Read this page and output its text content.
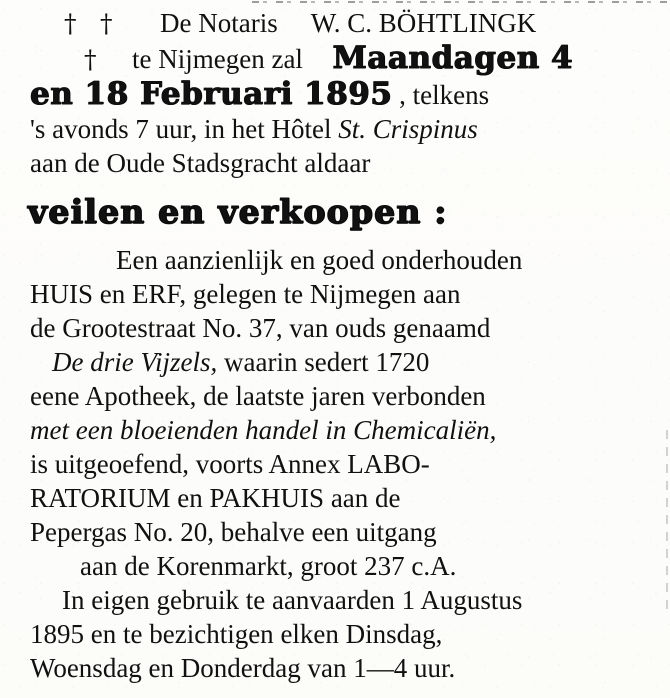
† † De Notaris W. C. BÖHTLINGK
† te Nijmegen zal Maandagen 4
en 18 Februari 1895 , telkens
's avonds 7 uur, in het Hôtel St. Crispinus
aan de Oude Stadsgracht aldaar
veilen en verkoopen :
Een aanzienlijk en goed onderhouden
HUIS en ERF, gelegen te Nijmegen aan
de Grootestraat No. 37, van ouds genaamd
De drie Vijzels, waarin sedert 1720
eene Apotheek, de laatste jaren verbonden
met een bloeienden handel in Chemicaliën,
is uitgeoefend, voorts Annex LABO-
RATORIUM en PAKHUIS aan de
Pepergas No. 20, behalve een uitgang
aan de Korenmarkt, groot 237 c.A.
In eigen gebruik te aanvaarden 1 Augustus
1895 en te bezichtigen elken Dinsdag,
Woensdag en Donderdag van 1—4 uur.
